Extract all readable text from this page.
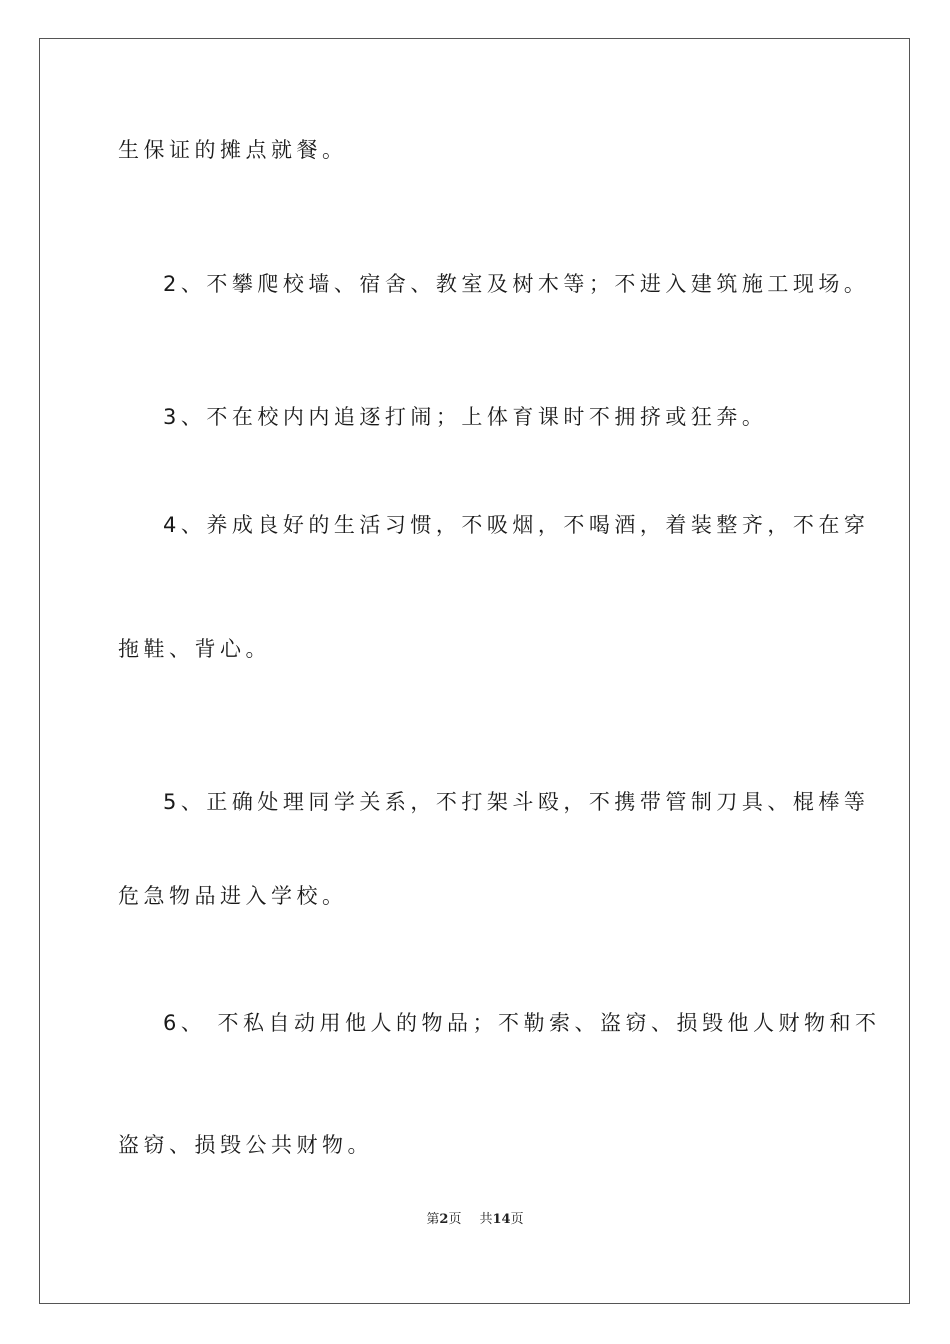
生保证的摊点就餐。
2、不攀爬校墙、宿舍、教室及树木等；不进入建筑施工现场。
3、不在校内内追逐打闹；上体育课时不拥挤或狂奔。
4、养成良好的生活习惯，不吸烟，不喝酒，着装整齐，不在穿
拖鞋、背心。
5、正确处理同学关系，不打架斗殴，不携带管制刀具、棍棒等
危急物品进入学校。
6、 不私自动用他人的物品；不勒索、盗窃、损毁他人财物和不
盗窃、损毁公共财物。
第2页 共14页
